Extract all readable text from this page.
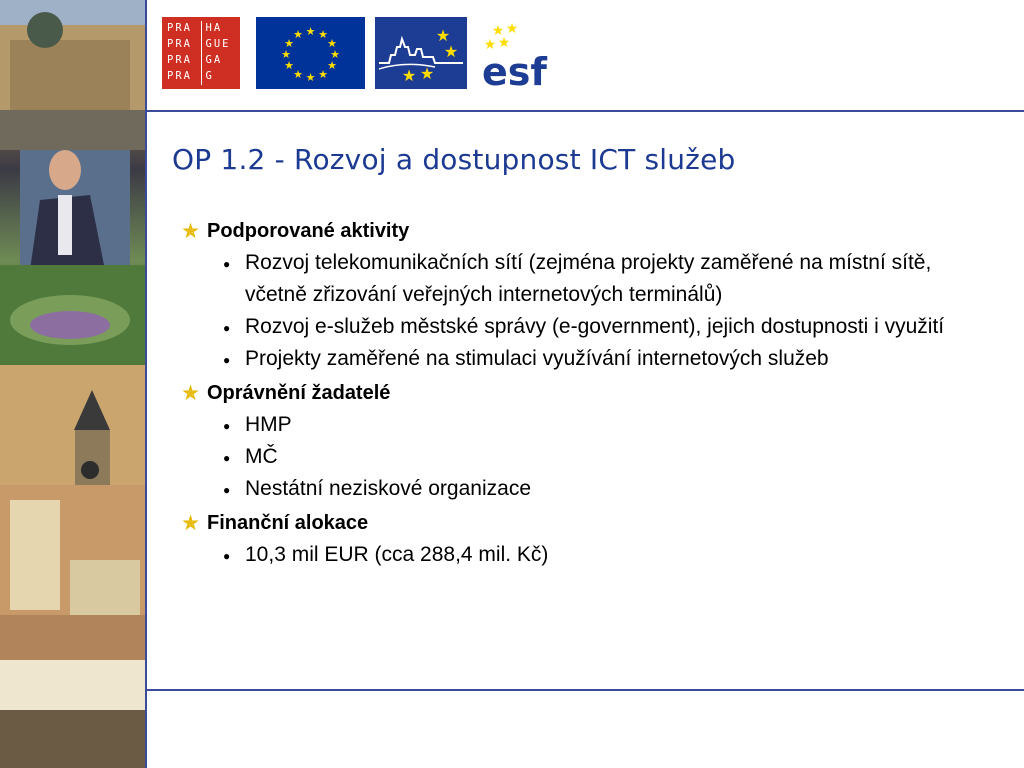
PRA	HA
PRA	GUE
PRA	GA
PRA	G
★ ★
★
★
★
★
★
★
★
★
★
★	★
★
★
★
★ ★
★ ★
esf
OP 1.2 - Rozvoj a dostupnost ICT služeb
✯ Podporované aktivity
● Rozvoj telekomunikačních sítí (zejména projekty zaměřené na místní sítě, včetně zřizování veřejných internetových terminálů)
● Rozvoj e-služeb městské správy (e-government), jejich dostupnosti i využití
● Projekty zaměřené na stimulaci využívání internetových služeb
✯ Oprávnění žadatelé
● HMP
● MČ
● Nestátní neziskové organizace
✯ Finanční alokace
● 10,3 mil EUR (cca 288,4 mil. Kč)
